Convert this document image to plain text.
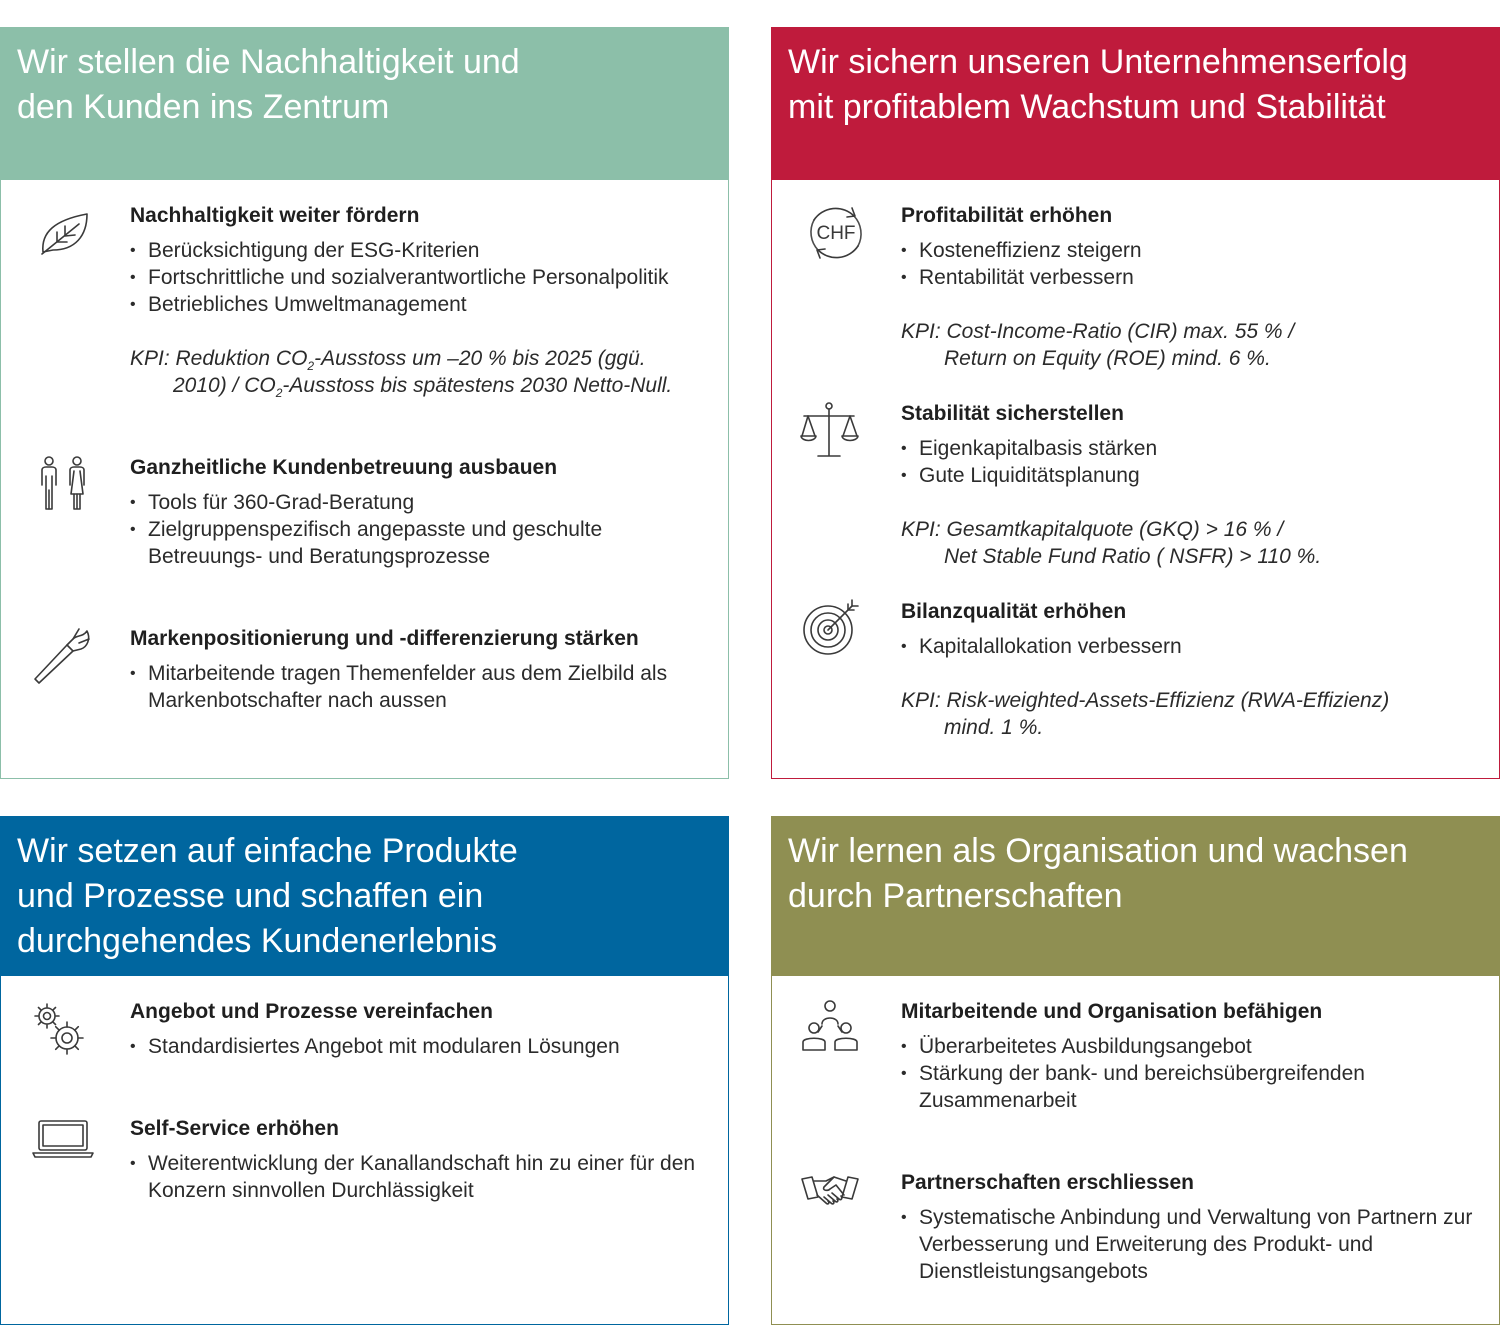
Wir stellen die Nachhaltigkeit und
den Kunden ins Zentrum
Nachhaltigkeit weiter fördern
• Berücksichtigung der ESG-Kriterien
• Fortschrittliche und sozialverantwortliche Personalpolitik
• Betriebliches Umweltmanagement
KPI: Reduktion $CO_2$-Ausstoss um –20 % bis 2025 (ggü.
$2010) / CO_2$-Ausstoss bis spätestens 2030 Netto-Null.
Ganzheitliche Kundenbetreuung ausbauen
• Tools für 360-Grad-Beratung
• Zielgruppenspezifisch angepasste und geschulte Betreuungs- und Beratungsprozesse
Markenpositionierung und -differenzierung stärken
• Mitarbeitende tragen Themenfelder aus dem Zielbild als Markenbotschafter nach aussen
Wir sichern unseren Unternehmenserfolg
mit profitablem Wachstum und Stabilität
CHF
Profitabilität erhöhen
• Kosteneffizienz steigern
• Rentabilität verbessern
KPI: Cost-Income-Ratio (CIR) max. 55 % /
Return on Equity (ROE) mind. 6 %.
Stabilität sicherstellen
• Eigenkapitalbasis stärken
• Gute Liquiditätsplanung
KPI: Gesamtkapitalquote (GKQ) > 16 % /
Net Stable Fund Ratio ( NSFR) > 110 %.
Bilanzqualität erhöhen
• Kapitalallokation verbessern
KPI: Risk-weighted-Assets-Effizienz (RWA-Effizienz)
mind. 1 %.
Wir setzen auf einfache Produkte
und Prozesse und schaffen ein
durchgehendes Kundenerlebnis
Angebot und Prozesse vereinfachen
• Standardisiertes Angebot mit modularen Lösungen
Self-Service erhöhen
• Weiterentwicklung der Kanallandschaft hin zu einer für den Konzern sinnvollen Durchlässigkeit
Wir lernen als Organisation und wachsen
durch Partnerschaften
Mitarbeitende und Organisation befähigen
• Überarbeitetes Ausbildungsangebot
• Stärkung der bank- und bereichsübergreifenden Zusammenarbeit
Partnerschaften erschliessen
• Systematische Anbindung und Verwaltung von Partnern zur Verbesserung und Erweiterung des Produkt- und Dienstleistungsangebots
